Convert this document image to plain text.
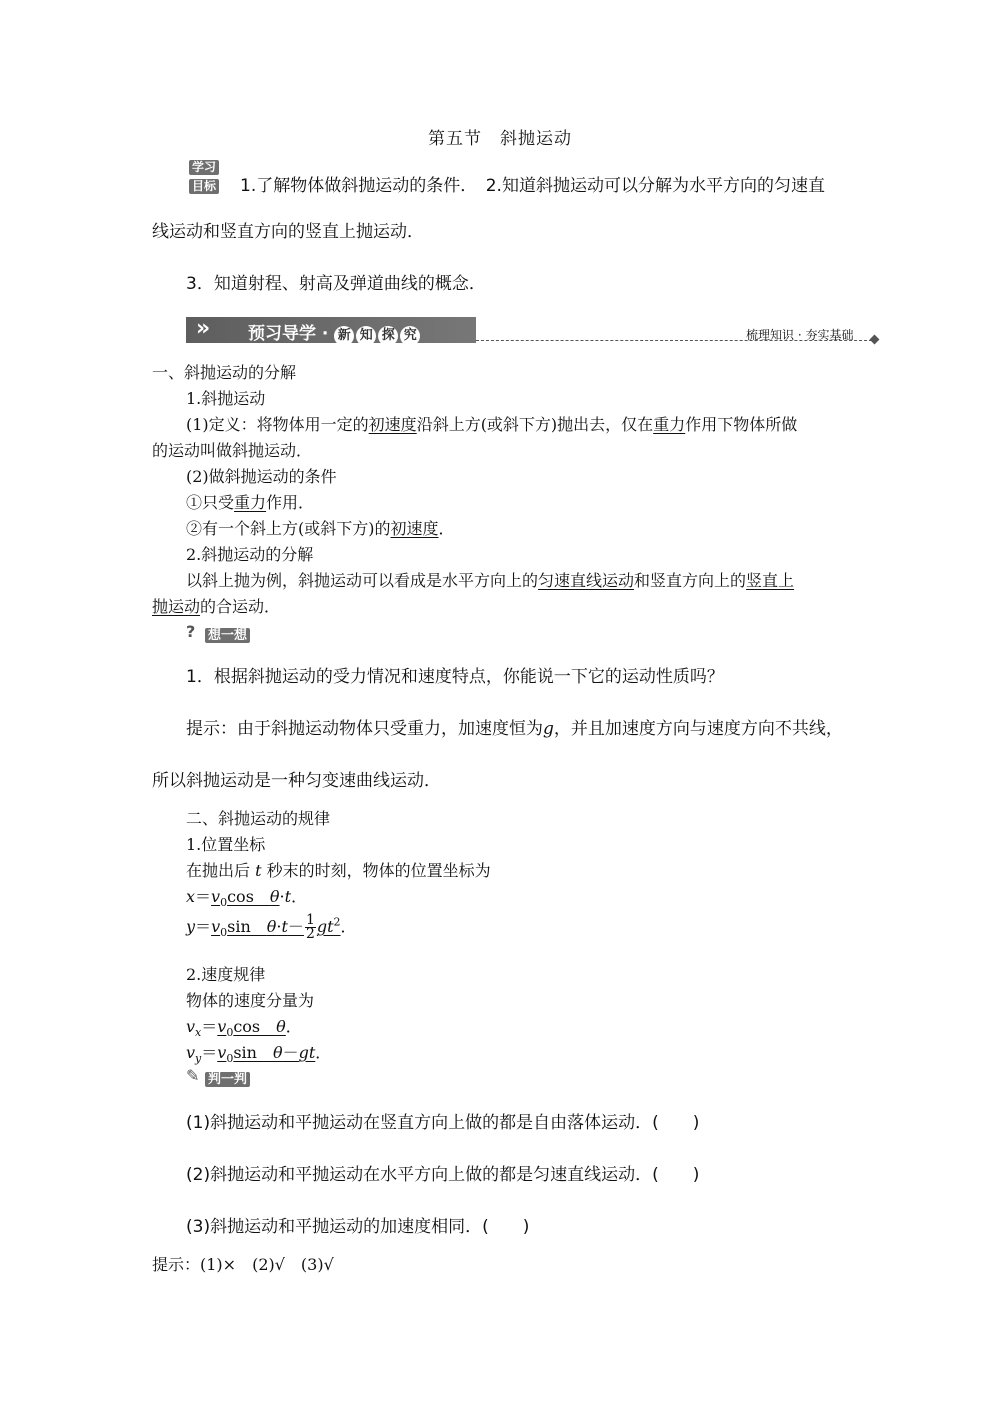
第五节　斜抛运动
学习
目标 1.了解物体做斜抛运动的条件．　2.知道斜抛运动可以分解为水平方向的匀速直
线运动和竖直方向的竖直上抛运动．
3．知道射程、射高及弹道曲线的概念．
»	预习导学 · 新 知 探 究	梳理知识 · 夯实基础
一、斜抛运动的分解
1.斜抛运动
(1)定义：将物体用一定的初速度沿斜上方(或斜下方)抛出去，仅在重力作用下物体所做
的运动叫做斜抛运动．
(2)做斜抛运动的条件
①只受重力作用．
②有一个斜上方(或斜下方)的初速度．
2.斜抛运动的分解
以斜上抛为例，斜抛运动可以看成是水平方向上的匀速直线运动和竖直方向上的竖直上
抛运动的合运动．
? 想一想
1．根据斜抛运动的受力情况和速度特点，你能说一下它的运动性质吗？
提示：由于斜抛运动物体只受重力，加速度恒为g，并且加速度方向与速度方向不共线，
所以斜抛运动是一种匀变速曲线运动．
二、斜抛运动的规律
1.位置坐标
在抛出后 t 秒末的时刻，物体的位置坐标为
$x=v_0\cos$　θ·t．
$y=v_0\sin$　$\theta\cdot t- \frac{1}{2} gt^2$．
2.速度规律
物体的速度分量为
$v_x=v_0\cos$　θ．
$v_y=v_0\sin$　θ－gt．
✎ 判一判
(1)斜抛运动和平抛运动在竖直方向上做的都是自由落体运动．(　　)
(2)斜抛运动和平抛运动在水平方向上做的都是匀速直线运动．(　　)
(3)斜抛运动和平抛运动的加速度相同．(　　)
提示：(1)×　(2)√　(3)√
